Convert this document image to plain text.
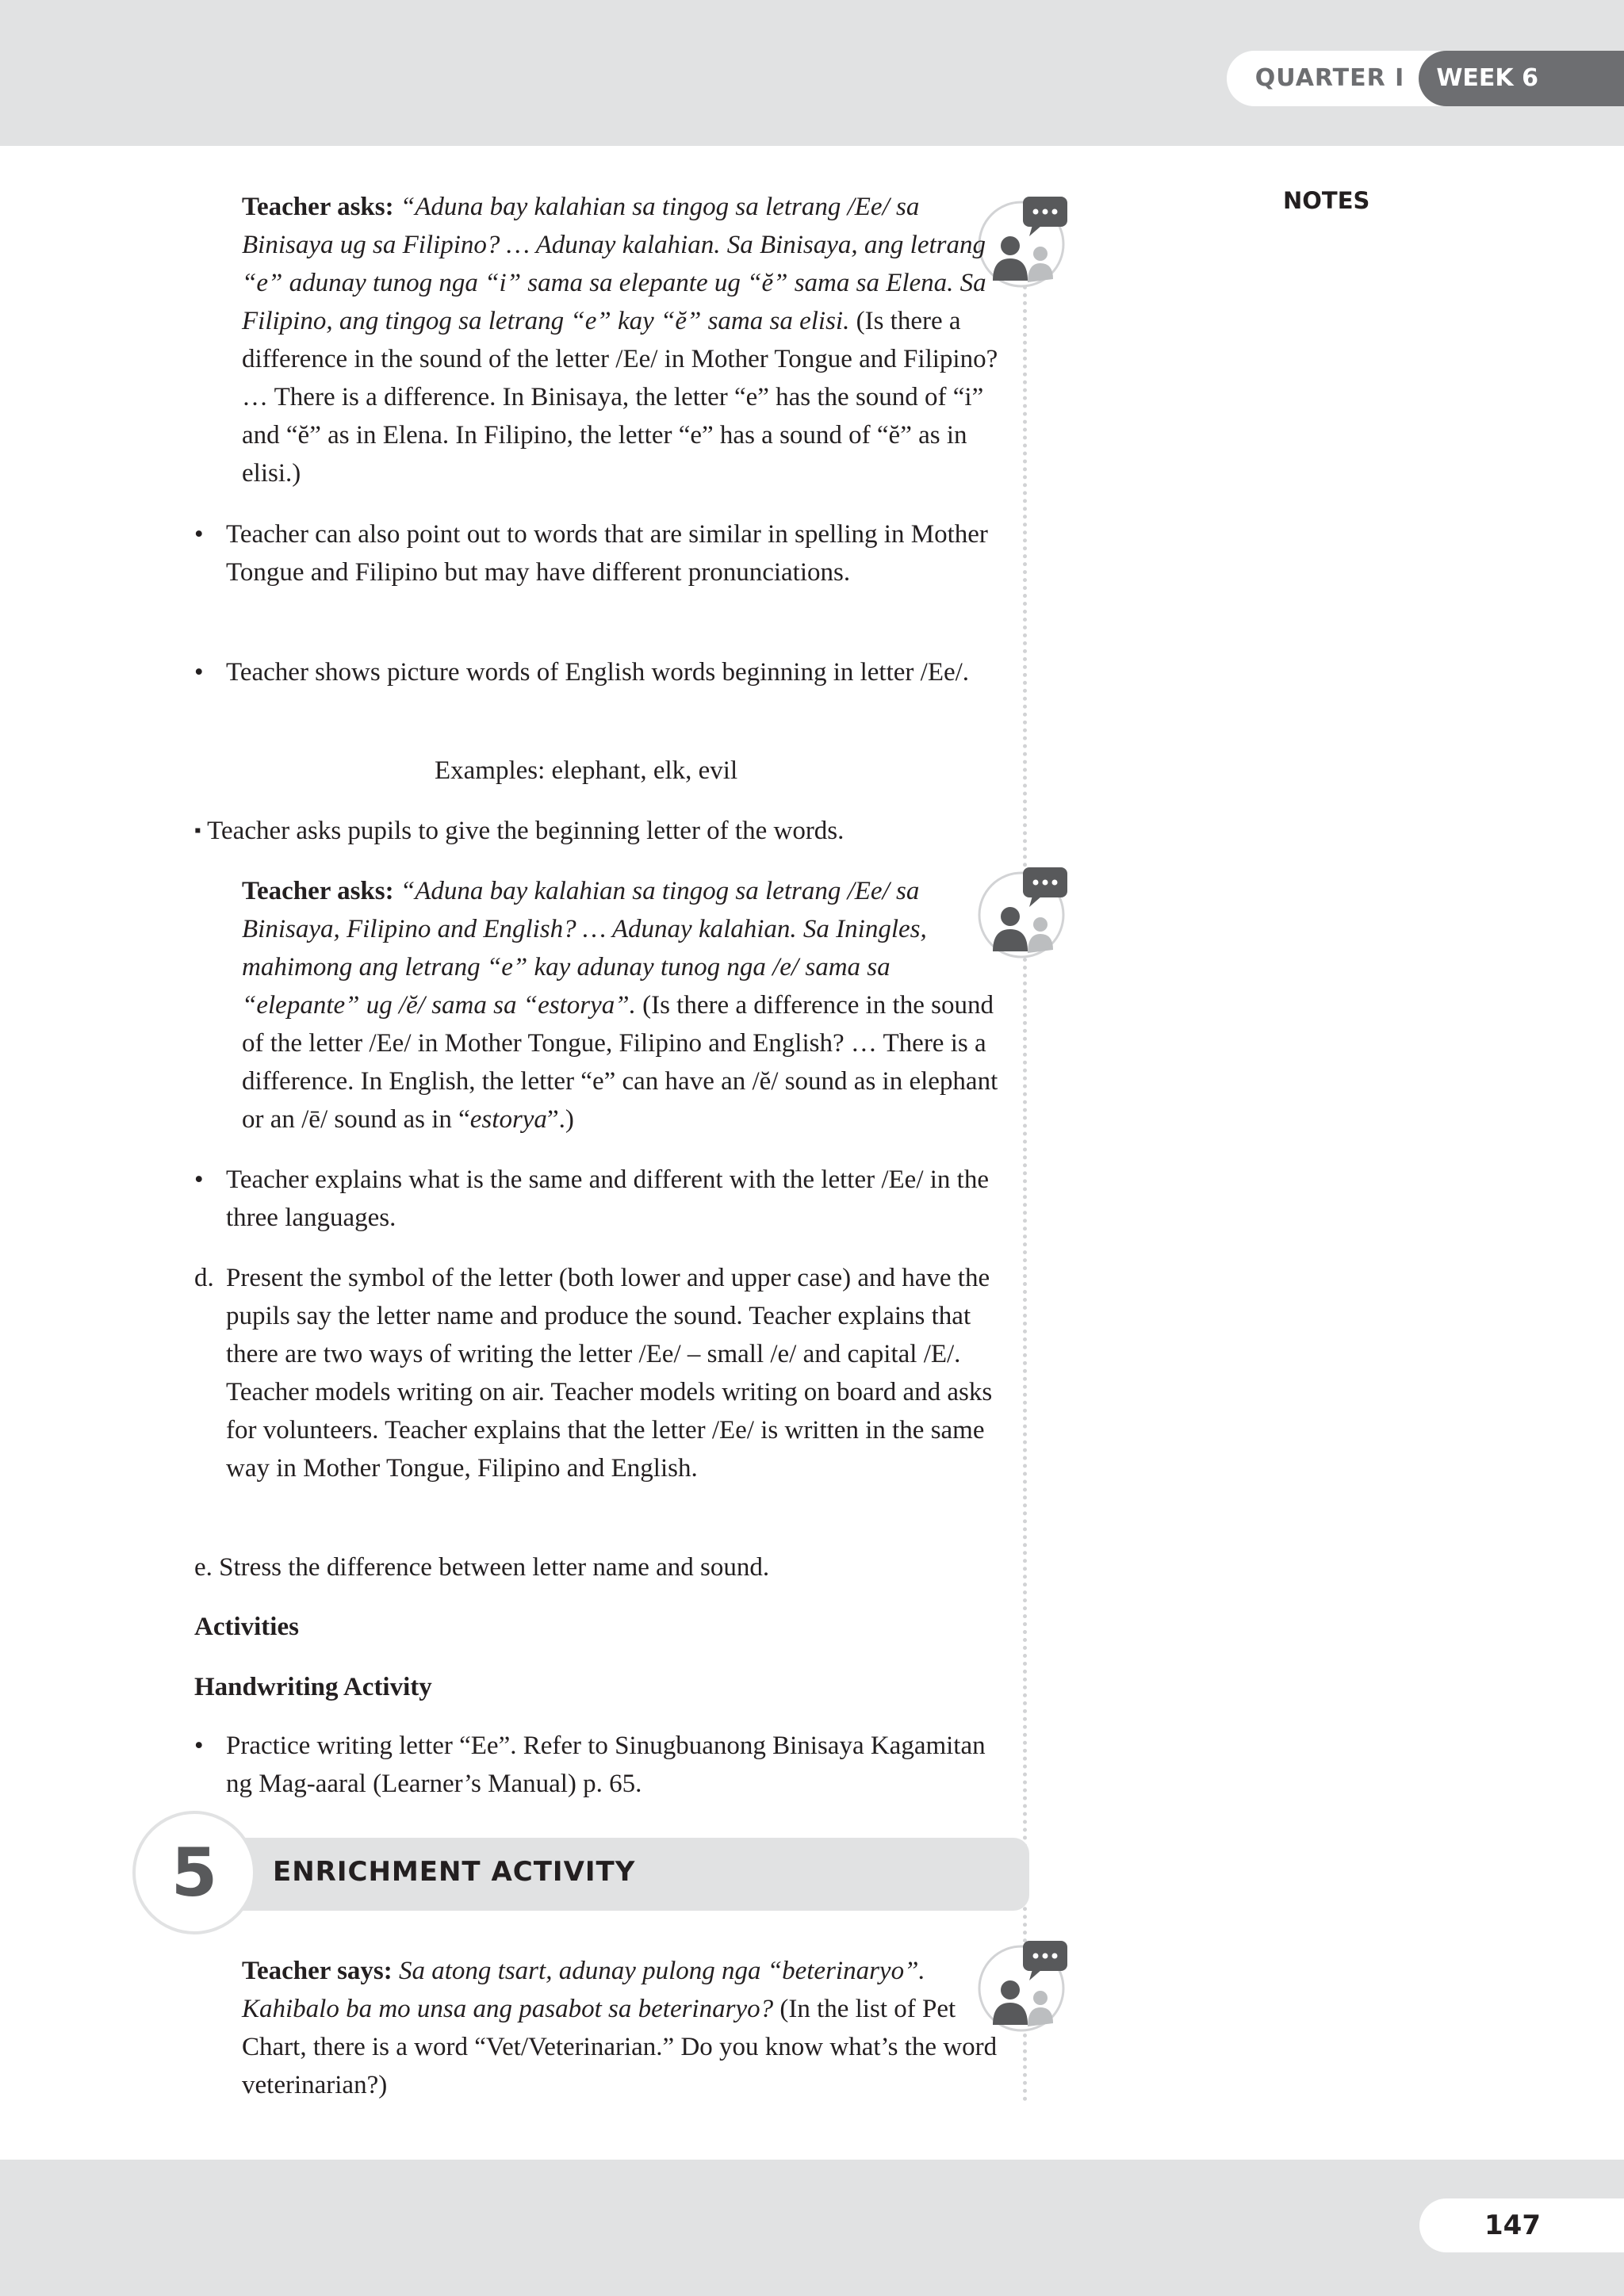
QUARTER I	WEEK 6
NOTES

Teacher asks: “Aduna bay kalahian sa tingog sa letrang /Ee/ sa Binisaya ug sa Filipino? … Adunay kalahian. Sa Binisaya, ang letrang “e” adunay tunog nga “i” sama sa elepante ug “ĕ” sama sa Elena. Sa Filipino, ang tingog sa letrang “e” kay “ĕ” sama sa elisi. (Is there a difference in the sound of the letter /Ee/ in Mother Tongue and Filipino? … There is a difference. In Binisaya, the letter “e” has the sound of “i” and “ĕ” as in Elena. In Filipino, the letter “e” has a sound of “ĕ” as in elisi.)

• Teacher can also point out to words that are similar in spelling in Mother Tongue and Filipino but may have different pronunciations.

• Teacher shows picture words of English words beginning in letter /Ee/.

Examples: elephant, elk, evil
▪ Teacher asks pupils to give the beginning letter of the words.

Teacher asks: “Aduna bay kalahian sa tingog sa letrang /Ee/ sa Binisaya, Filipino and English? … Adunay kalahian. Sa Iningles, mahimong ang letrang “e” kay adunay tunog nga /e/ sama sa “elepante” ug /ĕ/ sama sa “estorya”. (Is there a difference in the sound of the letter /Ee/ in Mother Tongue, Filipino and English? … There is a difference. In English, the letter “e” can have an /ĕ/ sound as in elephant or an /ē/ sound as in “estorya”.)

• Teacher explains what is the same and different with the letter /Ee/ in the three languages.

d. Present the symbol of the letter (both lower and upper case) and have the pupils say the letter name and produce the sound. Teacher explains that there are two ways of writing the letter /Ee/ – small /e/ and capital /E/. Teacher models writing on air. Teacher models writing on board and asks for volunteers. Teacher explains that the letter /Ee/ is written in the same way in Mother Tongue, Filipino and English.

e. Stress the difference between letter name and sound.
Activities
Handwriting Activity
• Practice writing letter “Ee”. Refer to Sinugbuanong Binisaya Kagamitan ng Mag-aaral (Learner’s Manual) p. 65.

ENRICHMENT ACTIVITY
5

Teacher says: Sa atong tsart, adunay pulong nga “beterinaryo”. Kahibalo ba mo unsa ang pasabot sa beterinaryo? (In the list of Pet Chart, there is a word “Vet/Veterinarian.” Do you know what’s the word veterinarian?)

147
